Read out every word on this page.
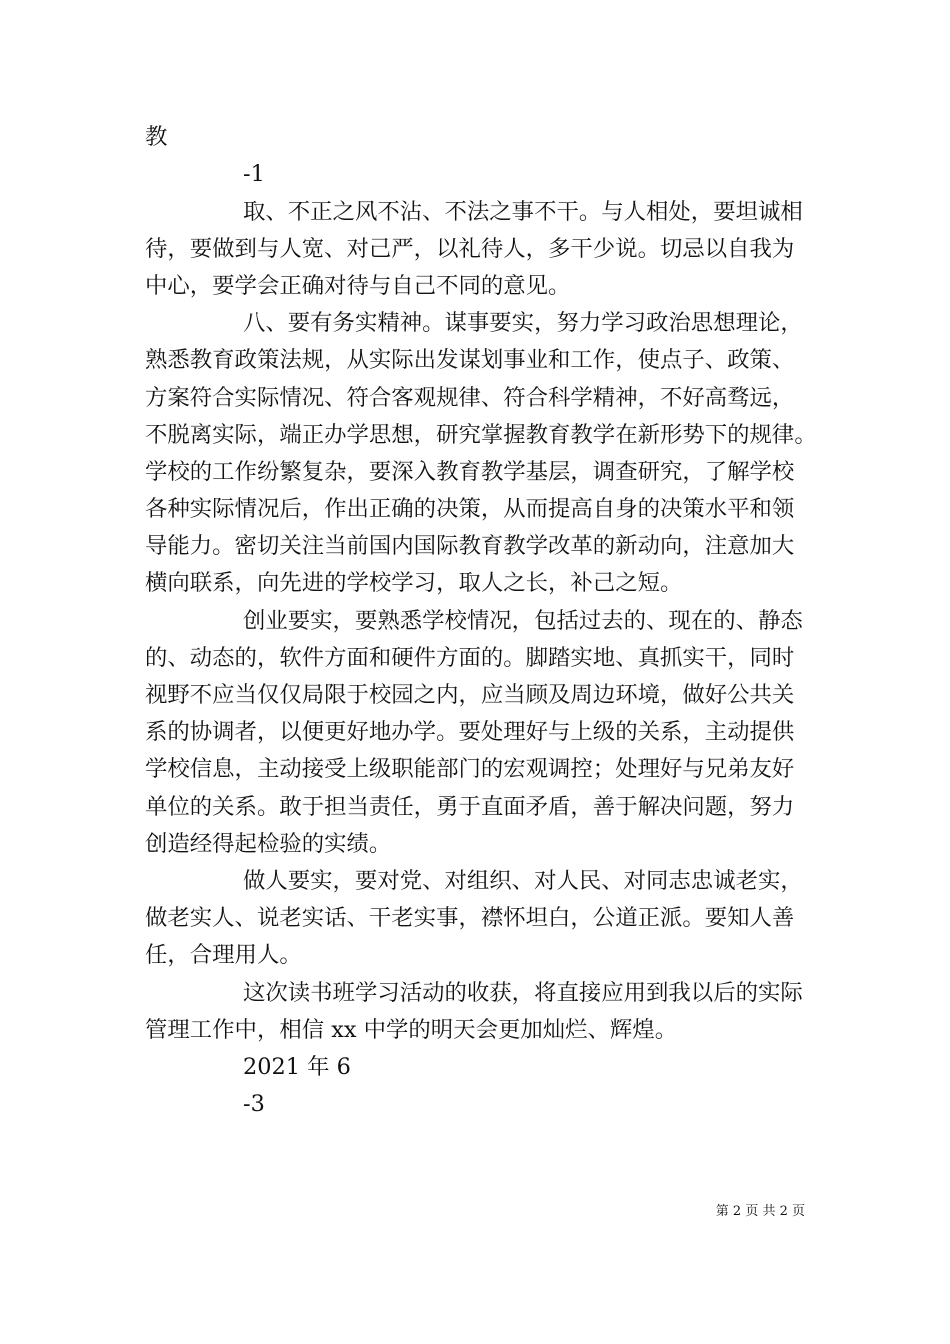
教
-1
取、不正之风不沾、不法之事不干。与人相处，要坦诚相
待，要做到与人宽、对己严，以礼待人，多干少说。切忌以自我为
中心，要学会正确对待与自己不同的意见。
八、要有务实精神。谋事要实，努力学习政治思想理论，
熟悉教育政策法规，从实际出发谋划事业和工作，使点子、政策、
方案符合实际情况、符合客观规律、符合科学精神，不好高骛远，
不脱离实际，端正办学思想，研究掌握教育教学在新形势下的规律。
学校的工作纷繁复杂，要深入教育教学基层，调查研究，了解学校
各种实际情况后，作出正确的决策，从而提高自身的决策水平和领
导能力。密切关注当前国内国际教育教学改革的新动向，注意加大
横向联系，向先进的学校学习，取人之长，补己之短。
创业要实，要熟悉学校情况，包括过去的、现在的、静态
的、动态的，软件方面和硬件方面的。脚踏实地、真抓实干，同时
视野不应当仅仅局限于校园之内，应当顾及周边环境，做好公共关
系的协调者，以便更好地办学。要处理好与上级的关系，主动提供
学校信息，主动接受上级职能部门的宏观调控；处理好与兄弟友好
单位的关系。敢于担当责任，勇于直面矛盾，善于解决问题，努力
创造经得起检验的实绩。
做人要实，要对党、对组织、对人民、对同志忠诚老实，
做老实人、说老实话、干老实事，襟怀坦白，公道正派。要知人善
任，合理用人。
这次读书班学习活动的收获，将直接应用到我以后的实际
管理工作中，相信 xx 中学的明天会更加灿烂、辉煌。
2021 年 6
-3
第 2 页 共 2 页
